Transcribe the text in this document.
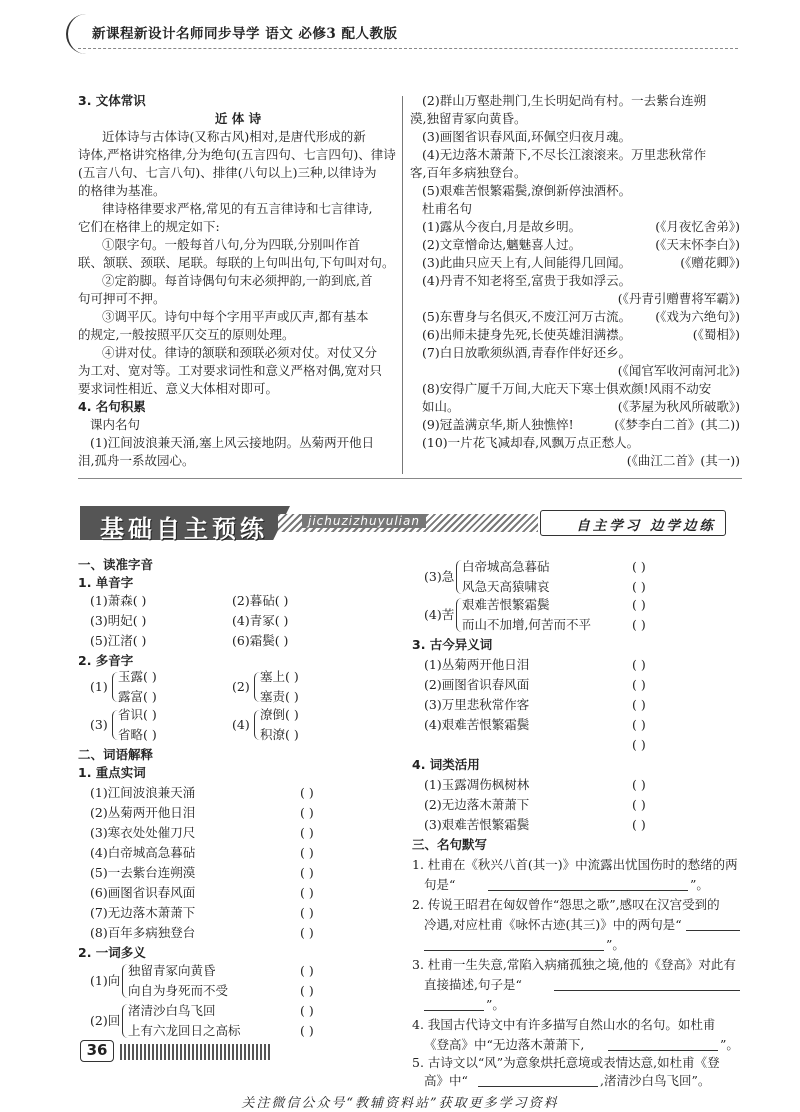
新课程新设计名师同步导学 语文 必修3 配人教版
3. 文体常识
近 体 诗
近体诗与古体诗(又称古风)相对,是唐代形成的新
诗体,严格讲究格律,分为绝句(五言四句、七言四句)、律诗
(五言八句、七言八句)、排律(八句以上)三种,以律诗为
的格律为基准。
律诗格律要求严格,常见的有五言律诗和七言律诗,
它们在格律上的规定如下:
①限字句。一般每首八句,分为四联,分别叫作首
联、颔联、颈联、尾联。每联的上句叫出句,下句叫对句。
②定韵脚。每首诗偶句句末必须押韵,一韵到底,首
句可押可不押。
③调平仄。诗句中每个字用平声或仄声,都有基本
的规定,一般按照平仄交互的原则处理。
④讲对仗。律诗的颔联和颈联必须对仗。对仗又分
为工对、宽对等。工对要求词性和意义严格对偶,宽对只
要求词性相近、意义大体相对即可。
4. 名句积累
课内名句
(1)江间波浪兼天涌,塞上风云接地阴。丛菊两开他日
泪,孤舟一系故园心。
(2)群山万壑赴荆门,生长明妃尚有村。一去紫台连朔
漠,独留青冢向黄昏。
(3)画图省识春风面,环佩空归夜月魂。
(4)无边落木萧萧下,不尽长江滚滚来。万里悲秋常作
客,百年多病独登台。
(5)艰难苦恨繁霜鬓,潦倒新停浊酒杯。
杜甫名句
(1)露从今夜白,月是故乡明。	(《月夜忆舍弟》)
(2)文章憎命达,魑魅喜人过。	(《天末怀李白》)
(3)此曲只应天上有,人间能得几回闻。	(《赠花卿》)
(4)丹青不知老将至,富贵于我如浮云。
(《丹青引赠曹将军霸》)
(5)东曹身与名俱灭,不废江河万古流。	(《戏为六绝句》)
(6)出师未捷身先死,长使英雄泪满襟。	(《蜀相》)
(7)白日放歌须纵酒,青春作伴好还乡。
(《闻官军收河南河北》)
(8)安得广厦千万间,大庇天下寒士俱欢颜!风雨不动安
如山。	(《茅屋为秋风所破歌》)
(9)冠盖满京华,斯人独憔悴!	(《梦李白二首》(其二))
(10)一片花飞减却春,风飘万点正愁人。
(《曲江二首》(其一))
基础自主预练	jichuzizhuyulian	自主学习 边学边练
一、读准字音
1. 单音字
(1)萧森( )	(2)暮砧( )
(3)明妃( )	(4)青冢( )
(5)江渚( )	(6)霜鬓( )
2. 多音字
(1)
玉露( )
露富( )
(2)
塞上( )
塞责( )
(3)
省识( )
省略( )
(4)
潦倒( )
积潦( )
二、词语解释
1. 重点实词
(1)江间波浪兼天涌	( )
(2)丛菊两开他日泪	( )
(3)寒衣处处催刀尺	( )
(4)白帝城高急暮砧	( )
(5)一去紫台连朔漠	( )
(6)画图省识春风面	( )
(7)无边落木萧萧下	( )
(8)百年多病独登台	( )
2. 一词多义
(1)向
独留青冢向黄昏	( )
向自为身死而不受	( )
(2)回
渚清沙白鸟飞回	( )
上有六龙回日之高标	( )
(3)急
白帝城高急暮砧	( )
风急天高猿啸哀	( )
(4)苦
艰难苦恨繁霜鬓	( )
而山不加增,何苦而不平	( )
3. 古今异义词
(1)丛菊两开他日泪	( )
(2)画图省识春风面	( )
(3)万里悲秋常作客	( )
(4)艰难苦恨繁霜鬓	( )
( )
4. 词类活用
(1)玉露凋伤枫树林	( )
(2)无边落木萧萧下	( )
(3)艰难苦恨繁霜鬓	( )
三、名句默写
1. 杜甫在《秋兴八首(其一)》中流露出忧国伤时的愁绪的两
句是“	”。
2. 传说王昭君在匈奴曾作“怨思之歌”,感叹在汉宫受到的
冷遇,对应杜甫《咏怀古迹(其三)》中的两句是“
”。
3. 杜甫一生失意,常陷入病痛孤独之境,他的《登高》对此有
直接描述,句子是“
”。
4. 我国古代诗文中有许多描写自然山水的名句。如杜甫
《登高》中“无边落木萧萧下,	”。
5. 古诗文以“风”为意象烘托意境或表情达意,如杜甫《登
高》中“	,渚清沙白鸟飞回”。
36
关注微信公众号“教辅资料站”获取更多学习资料
